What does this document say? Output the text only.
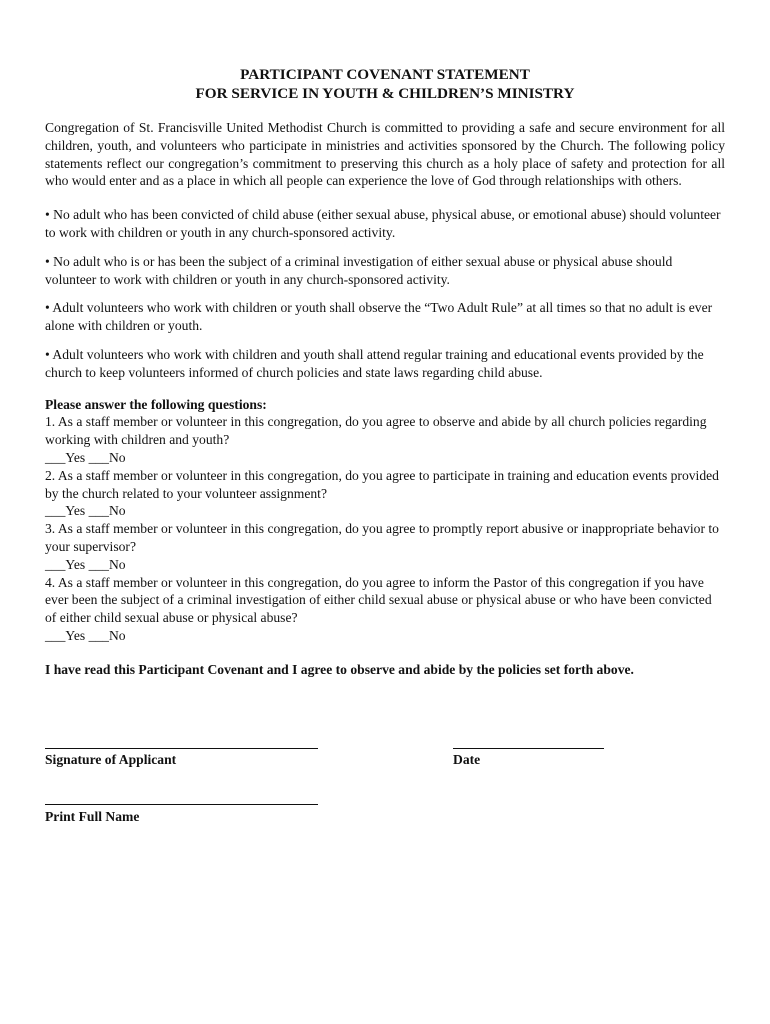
PARTICIPANT COVENANT STATEMENT
FOR SERVICE IN YOUTH & CHILDREN’S MINISTRY

Congregation of St. Francisville United Methodist Church is committed to providing a safe and secure environment for all children, youth, and volunteers who participate in ministries and activities sponsored by the Church. The following policy statements reflect our congregation’s commitment to preserving this church as a holy place of safety and protection for all who would enter and as a place in which all people can experience the love of God through relationships with others.

• No adult who has been convicted of child abuse (either sexual abuse, physical abuse, or emotional abuse) should volunteer to work with children or youth in any church-sponsored activity.

• No adult who is or has been the subject of a criminal investigation of either sexual abuse or physical abuse should volunteer to work with children or youth in any church-sponsored activity.

• Adult volunteers who work with children or youth shall observe the “Two Adult Rule” at all times so that no adult is ever alone with children or youth.

• Adult volunteers who work with children and youth shall attend regular training and educational events provided by the church to keep volunteers informed of church policies and state laws regarding child abuse.

Please answer the following questions:

1. As a staff member or volunteer in this congregation, do you agree to observe and abide by all church policies regarding working with children and youth?

___Yes ___No

2. As a staff member or volunteer in this congregation, do you agree to participate in training and education events provided by the church related to your volunteer assignment?

___Yes ___No

3. As a staff member or volunteer in this congregation, do you agree to promptly report abusive or inappropriate behavior to your supervisor?

___Yes ___No

4. As a staff member or volunteer in this congregation, do you agree to inform the Pastor of this congregation if you have ever been the subject of a criminal investigation of either child sexual abuse or physical abuse or who have been convicted of either child sexual abuse or physical abuse?

___Yes ___No

I have read this Participant Covenant and I agree to observe and abide by the policies set forth above.

Signature of Applicant	Date
Print Full Name
